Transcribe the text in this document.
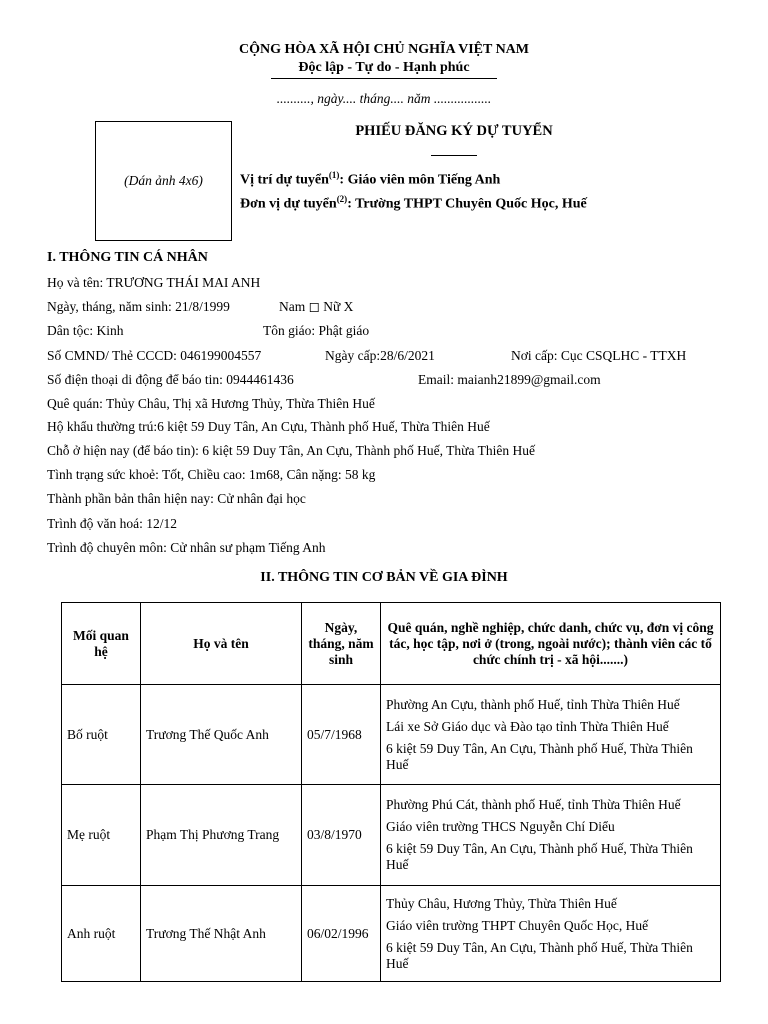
CỘNG HÒA XÃ HỘI CHỦ NGHĨA VIỆT NAM
Độc lập - Tự do - Hạnh phúc
.........., ngày.... tháng.... năm .................
(Dán ảnh 4x6)
PHIẾU ĐĂNG KÝ DỰ TUYỂN
Vị trí dự tuyển$^{(1)}$: Giáo viên môn Tiếng Anh
Đơn vị dự tuyển$^{(2)}$: Trường THPT Chuyên Quốc Học, Huế
I. THÔNG TIN CÁ NHÂN
Họ và tên: TRƯƠNG THÁI MAI ANH
Ngày, tháng, năm sinh: 21/8/1999	Nam ◻ Nữ X
Dân tộc: Kinh	Tôn giáo: Phật giáo
Số CMND/ Thẻ CCCD: 046199004557	Ngày cấp:28/6/2021	Nơi cấp: Cục CSQLHC - TTXH
Số điện thoại di động để báo tin: 0944461436	Email: maianh21899@gmail.com
Quê quán: Thủy Châu, Thị xã Hương Thủy, Thừa Thiên Huế
Hộ khẩu thường trú:6 kiệt 59 Duy Tân, An Cựu, Thành phố Huế, Thừa Thiên Huế
Chỗ ở hiện nay (để báo tin): 6 kiệt 59 Duy Tân, An Cựu, Thành phố Huế, Thừa Thiên Huế
Tình trạng sức khoẻ: Tốt, Chiều cao: 1m68, Cân nặng: 58 kg
Thành phần bản thân hiện nay: Cử nhân đại học
Trình độ văn hoá: 12/12
Trình độ chuyên môn: Cử nhân sư phạm Tiếng Anh
II. THÔNG TIN CƠ BẢN VỀ GIA ĐÌNH
Mối quan hệ	Họ và tên	Ngày, tháng, năm sinh	Quê quán, nghề nghiệp, chức danh, chức vụ, đơn vị công tác, học tập, nơi ở (trong, ngoài nước); thành viên các tổ chức chính trị - xã hội.......)
Bố ruột	Trương Thế Quốc Anh	05/7/1968	Phường An Cựu, thành phố Huế, tỉnh Thừa Thiên Huế
Lái xe Sở Giáo dục và Đào tạo tỉnh Thừa Thiên Huế
6 kiệt 59 Duy Tân, An Cựu, Thành phố Huế, Thừa Thiên Huế

Mẹ ruột	Phạm Thị Phương Trang	03/8/1970	Phường Phú Cát, thành phố Huế, tỉnh Thừa Thiên Huế
Giáo viên trường THCS Nguyễn Chí Diểu
6 kiệt 59 Duy Tân, An Cựu, Thành phố Huế, Thừa Thiên Huế

Anh ruột	Trương Thế Nhật Anh	06/02/1996	Thủy Châu, Hương Thủy, Thừa Thiên Huế
Giáo viên trường THPT Chuyên Quốc Học, Huế
6 kiệt 59 Duy Tân, An Cựu, Thành phố Huế, Thừa Thiên Huế
